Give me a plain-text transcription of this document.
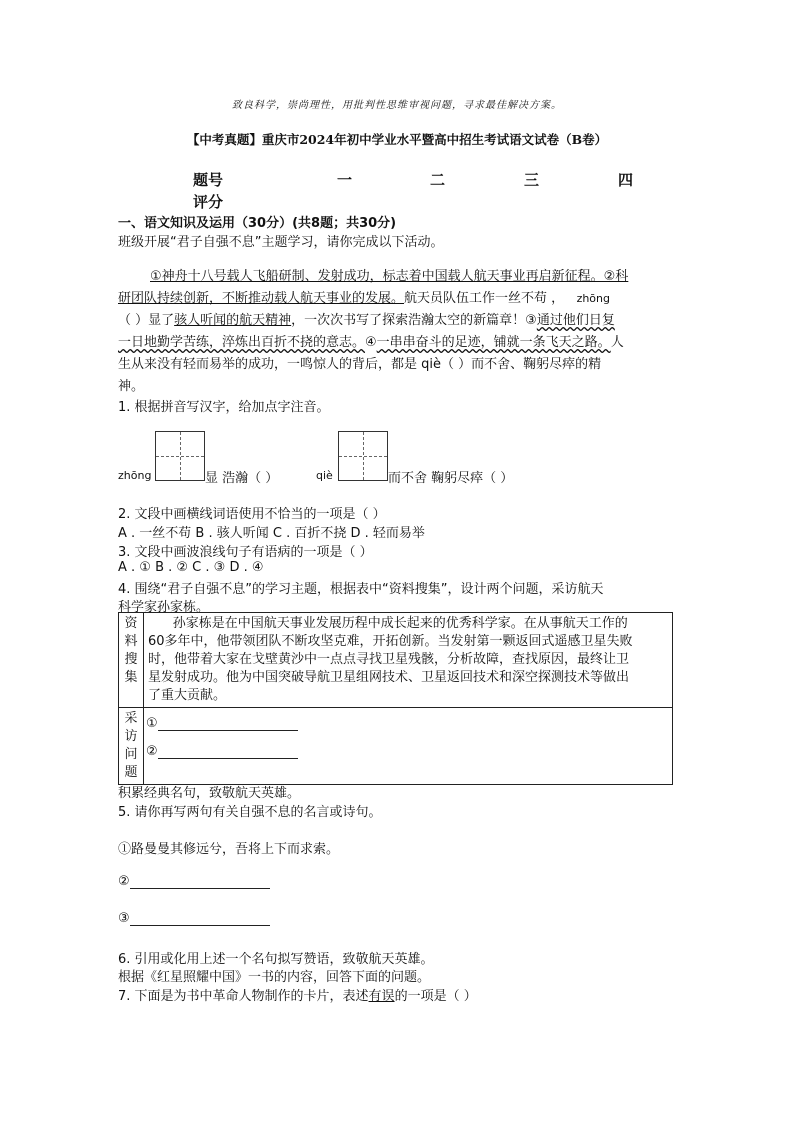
致良科学，崇尚理性，用批判性思维审视问题，寻求最佳解决方案。
【中考真题】重庆市2024年初中学业水平暨高中招生考试语文试卷（B卷）
题号	一	二	三	四
评分
一、语文知识及运用（30分）(共8题；共30分)
班级开展“君子自强不息”主题学习，请你完成以下活动。

①神舟十八号载人飞船研制、发射成功，标志着中国载人航天事业再启新征程。②科

研团队持续创新，不断推动载人航天事业的发展。航天员队伍工作一丝不苟 ， zhōng

（ ）显了骇人听闻的航天精神，一次次书写了探索浩瀚太空的新篇章！③通过他们日复

一日地勤学苦练，淬炼出百折不挠的意志。④一串串奋斗的足迹，铺就一条飞天之路。人

生从来没有轻而易举的成功，一鸣惊人的背后，都是 qiè（ ）而不舍、鞠躬尽瘁的精

神。

1. 根据拼音写汉字，给加点字注音。
zhōng	显 浩瀚（ ）	qiè	而不舍 鞠躬尽瘁（ ）
2. 文段中画横线词语使用不恰当的一项是（ ）
A . 一丝不苟 B . 骇人听闻 C . 百折不挠 D . 轻而易举
3. 文段中画波浪线句子有语病的一项是（ ）
A . ① B . ② C . ③ D . ④
4. 围绕“君子自强不息”的学习主题，根据表中“资料搜集”，设计两个问题，采访航天
科学家孙家栋。
资料搜集	孙家栋是在中国航天事业发展历程中成长起来的优秀科学家。在从事航天工作的
60多年中，他带领团队不断攻坚克难，开拓创新。当发射第一颗返回式遥感卫星失败
时，他带着大家在戈壁黄沙中一点点寻找卫星残骸，分析故障，查找原因，最终让卫
星发射成功。他为中国突破导航卫星组网技术、卫星返回技术和深空探测技术等做出
了重大贡献。

采访问题	①
②
积累经典名句，致敬航天英雄。
5. 请你再写两句有关自强不息的名言或诗句。
①路曼曼其修远兮，吾将上下而求索。
②
③
6. 引用或化用上述一个名句拟写赞语，致敬航天英雄。
根据《红星照耀中国》一书的内容，回答下面的问题。
7. 下面是为书中革命人物制作的卡片，表述有误的一项是（ ）
